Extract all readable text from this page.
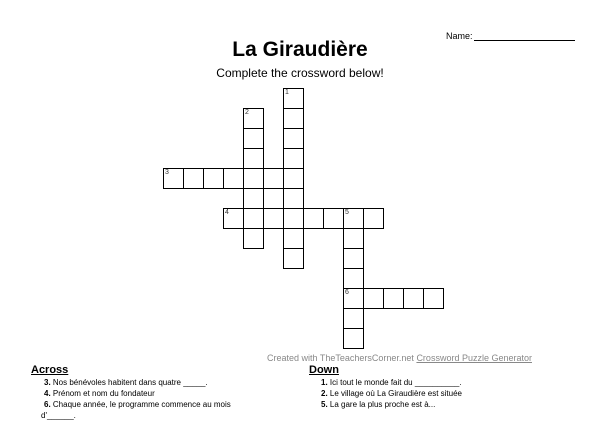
Name:
La Giraudière
Complete the crossword below!
1
2
3
4	5
6
Created with TheTeachersCorner.net Crossword Puzzle Generator
Across
3. Nos bénévoles habitent dans quatre _____.
4. Prénom et nom du fondateur
6. Chaque année, le programme commence au mois
d'______.
Down
1. Ici tout le monde fait du __________.
2. Le village où La Giraudière est située
5. La gare la plus proche est à...
